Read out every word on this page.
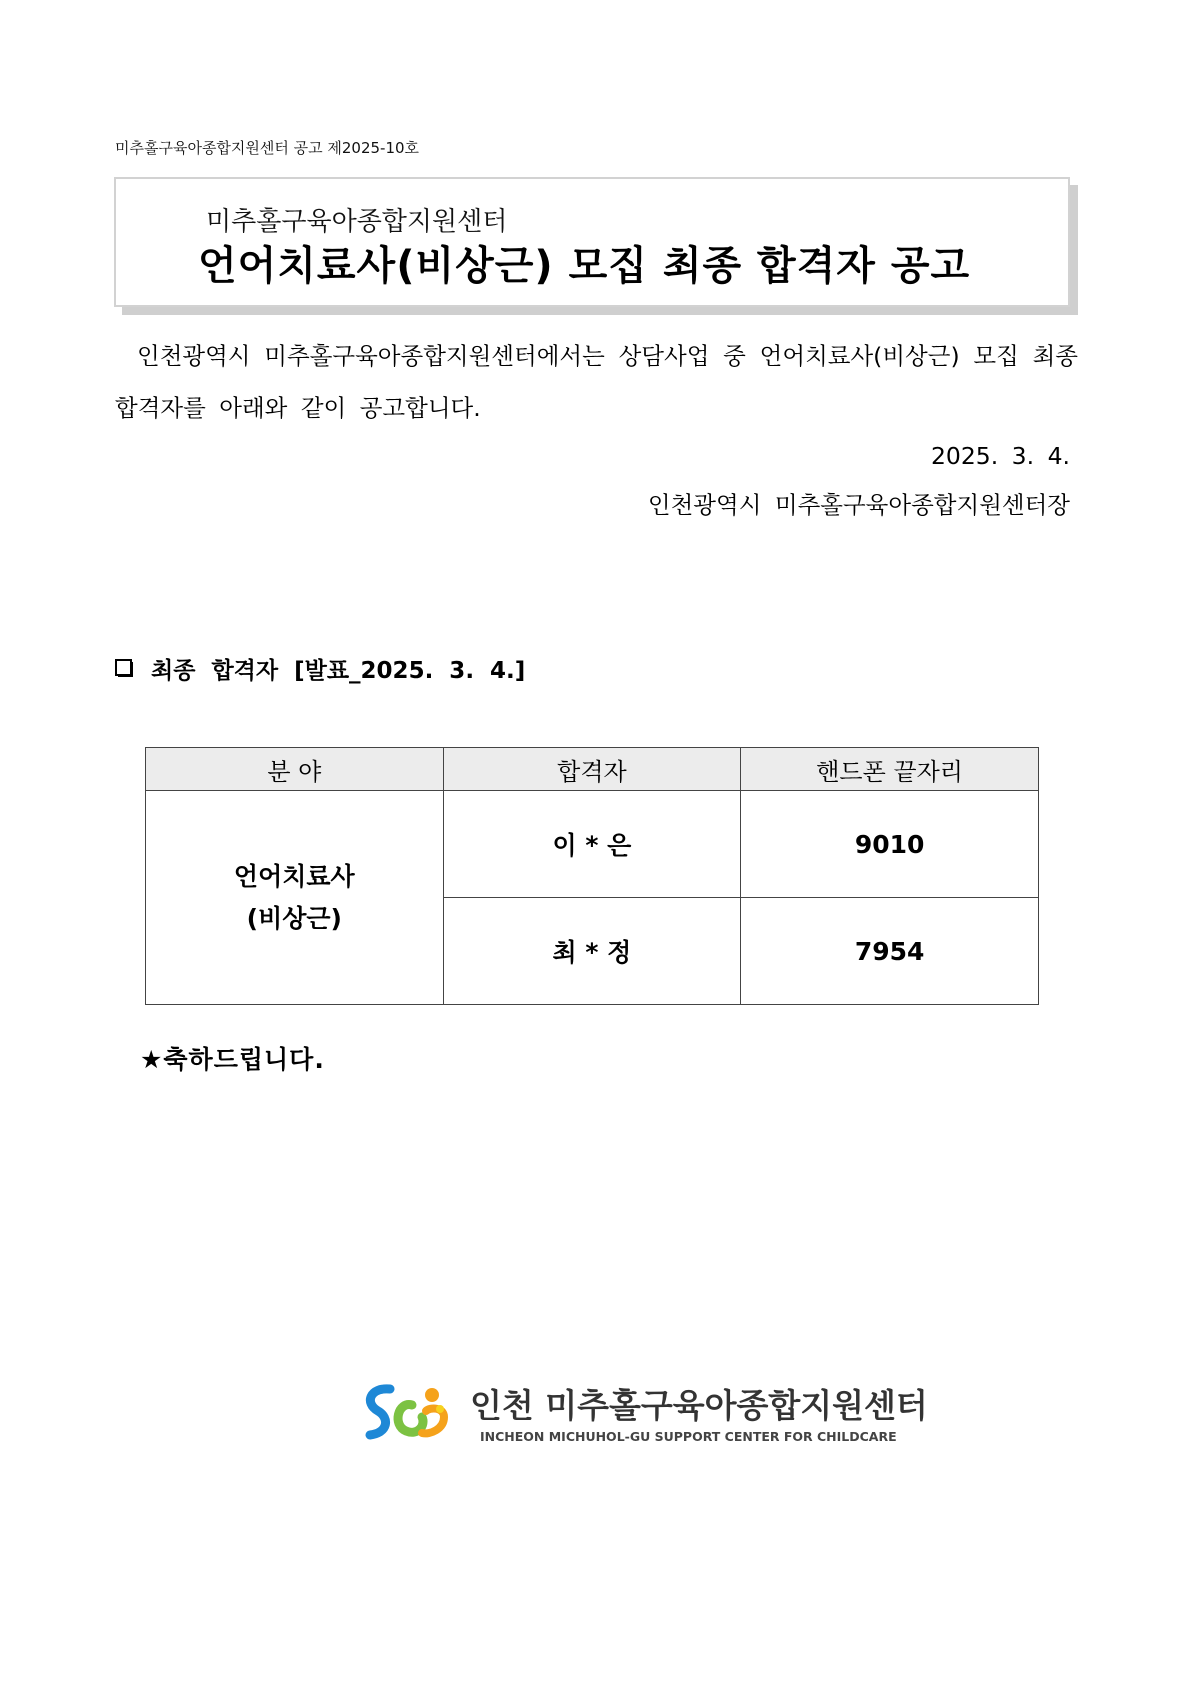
미추홀구육아종합지원센터 공고 제2025-10호
미추홀구육아종합지원센터
언어치료사(비상근) 모집 최종 합격자 공고

인천광역시 미추홀구육아종합지원센터에서는 상담사업 중 언어치료사(비상근) 모집 최종 합격자를 아래와 같이 공고합니다.

2025. 3. 4.
인천광역시 미추홀구육아종합지원센터장
최종 합격자 [발표_2025. 3. 4.]
분 야	합격자	핸드폰 끝자리

언어치료사
(비상근)	이 * 은	9010
	최 * 정	7954
★축하드립니다.
인천 미추홀구육아종합지원센터
INCHEON MICHUHOL-GU SUPPORT CENTER FOR CHILDCARE
